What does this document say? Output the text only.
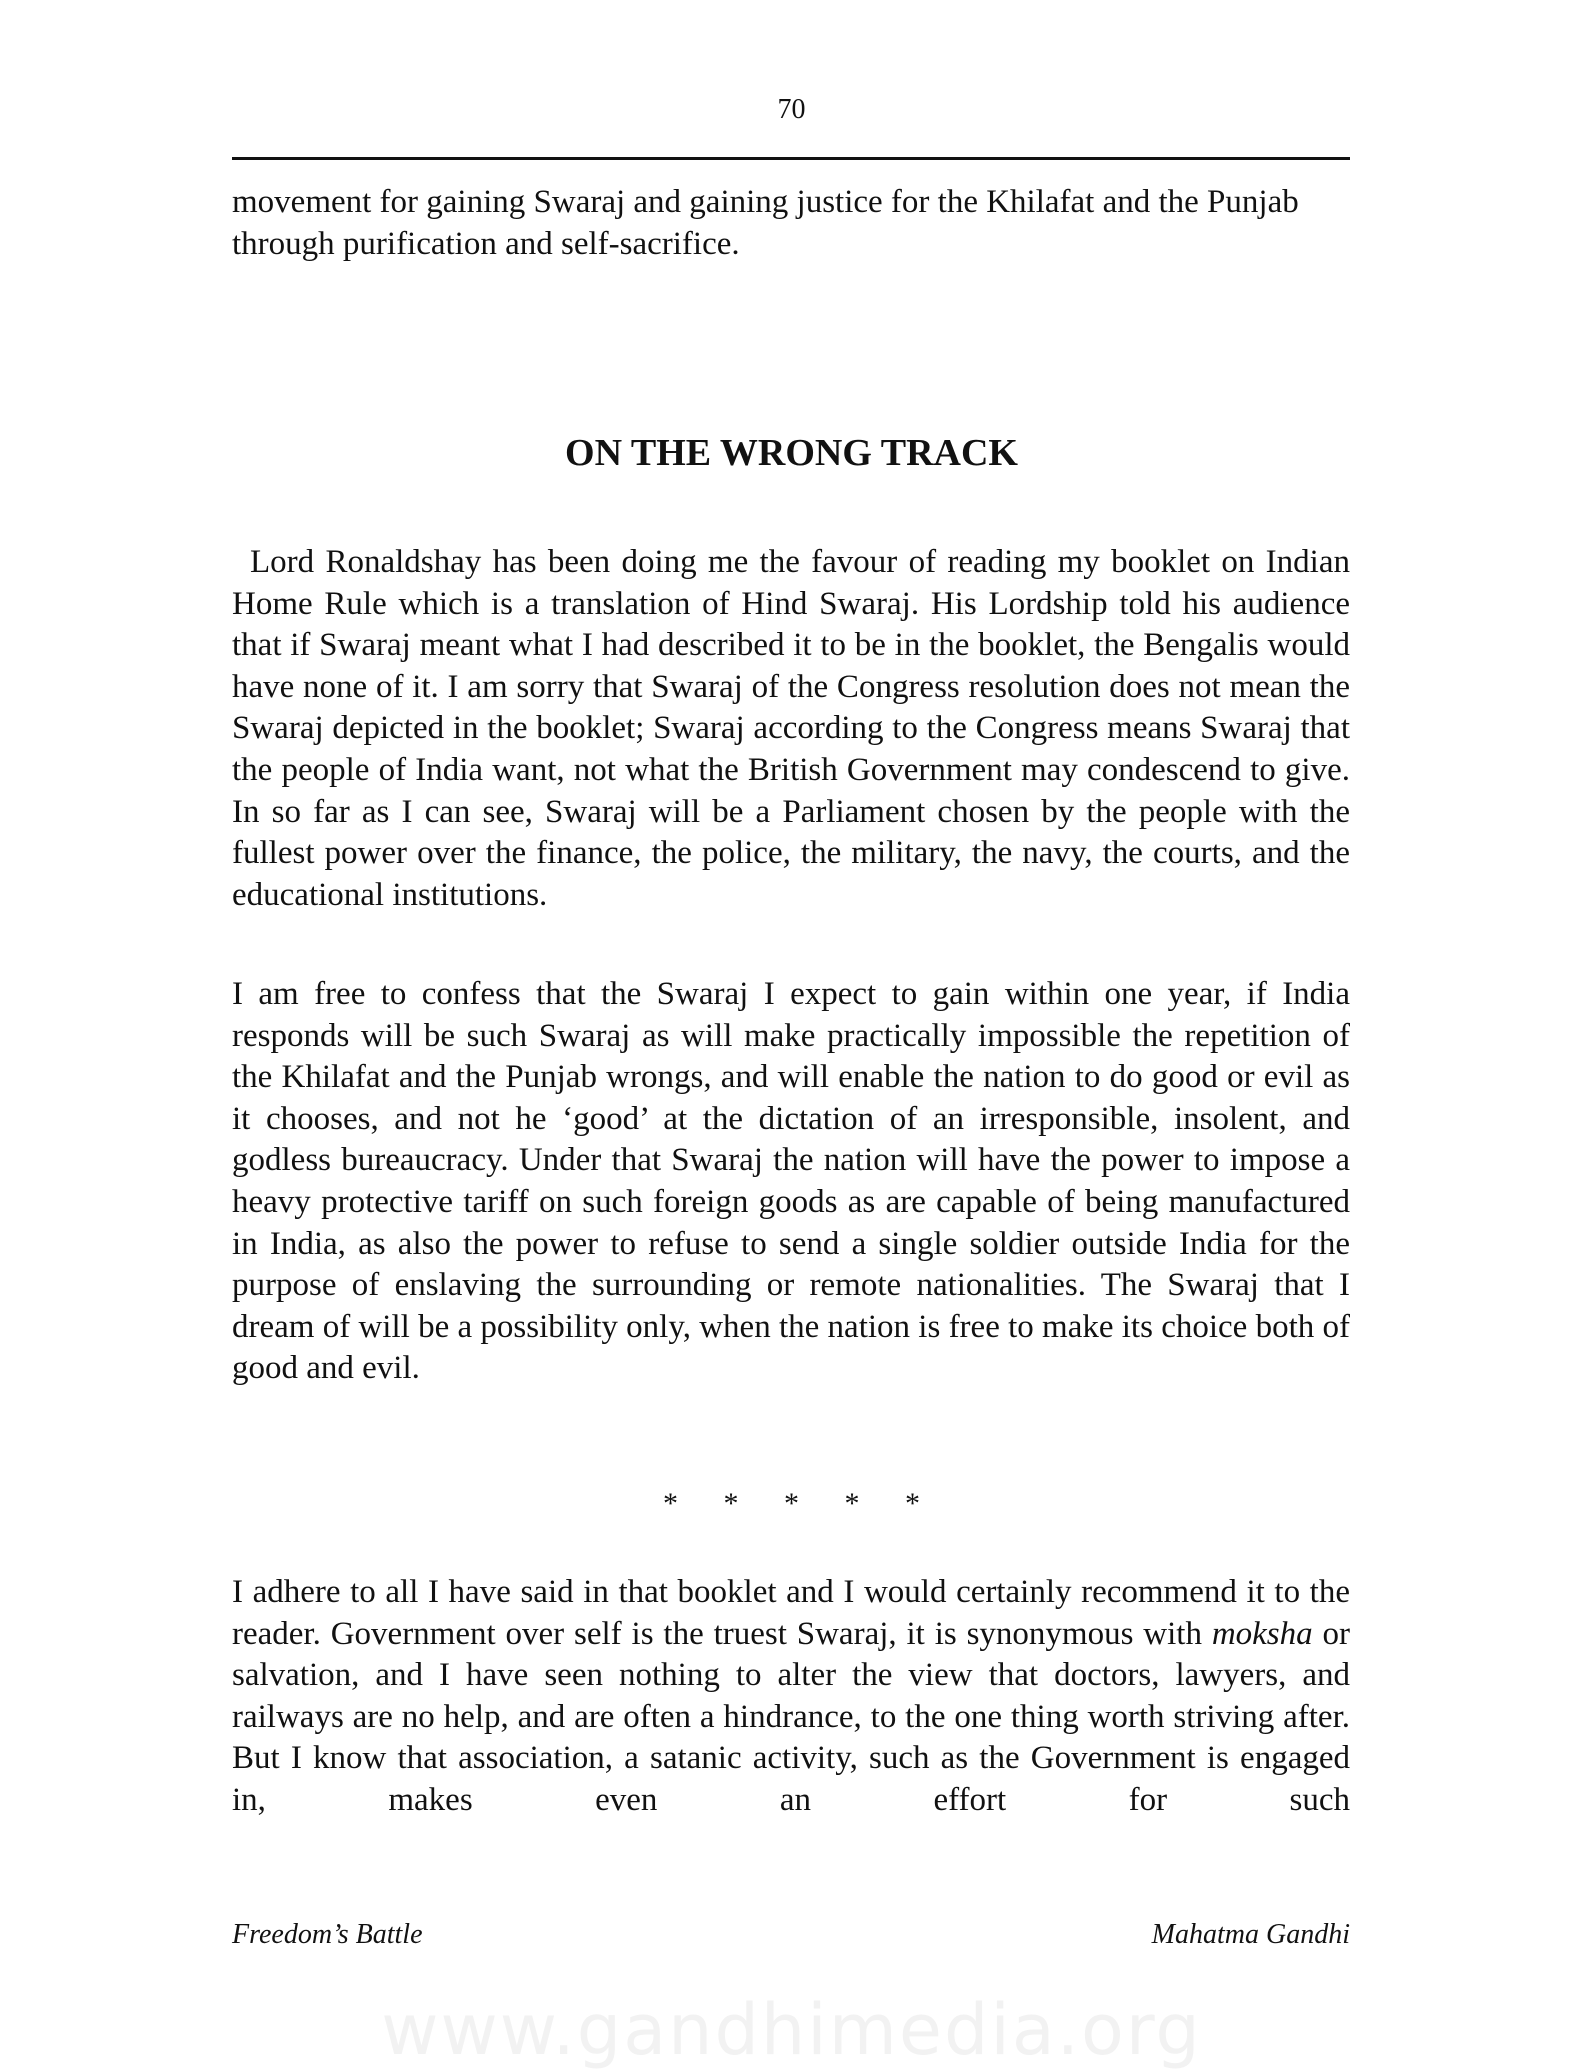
70

movement for gaining Swaraj and gaining justice for the Khilafat and the Punjab through purification and self-sacrifice.

ON THE WRONG TRACK

Lord Ronaldshay has been doing me the favour of reading my booklet on Indian Home Rule which is a translation of Hind Swaraj. His Lordship told his audience that if Swaraj meant what I had described it to be in the booklet, the Bengalis would have none of it. I am sorry that Swaraj of the Congress resolution does not mean the Swaraj depicted in the booklet; Swaraj according to the Congress means Swaraj that the people of India want, not what the British Government may condescend to give. In so far as I can see, Swaraj will be a Parliament chosen by the people with the fullest power over the finance, the police, the military, the navy, the courts, and the educational institutions.

I am free to confess that the Swaraj I expect to gain within one year, if India responds will be such Swaraj as will make practically impossible the repetition of the Khilafat and the Punjab wrongs, and will enable the nation to do good or evil as it chooses, and not he ‘good’ at the dictation of an irresponsible, insolent, and godless bureaucracy. Under that Swaraj the nation will have the power to impose a heavy protective tariff on such foreign goods as are capable of being manufactured in India, as also the power to refuse to send a single soldier outside India for the purpose of enslaving the surrounding or remote nationalities. The Swaraj that I dream of will be a possibility only, when the nation is free to make its choice both of good and evil.

* * * * *

I adhere to all I have said in that booklet and I would certainly recommend it to the reader. Government over self is the truest Swaraj, it is synonymous with moksha or salvation, and I have seen nothing to alter the view that doctors, lawyers, and railways are no help, and are often a hindrance, to the one thing worth striving after. But I know that association, a satanic activity, such as the Government is engaged in, makes even an effort for such

Freedom’s Battle	Mahatma Gandhi
www.gandhimedia.org
